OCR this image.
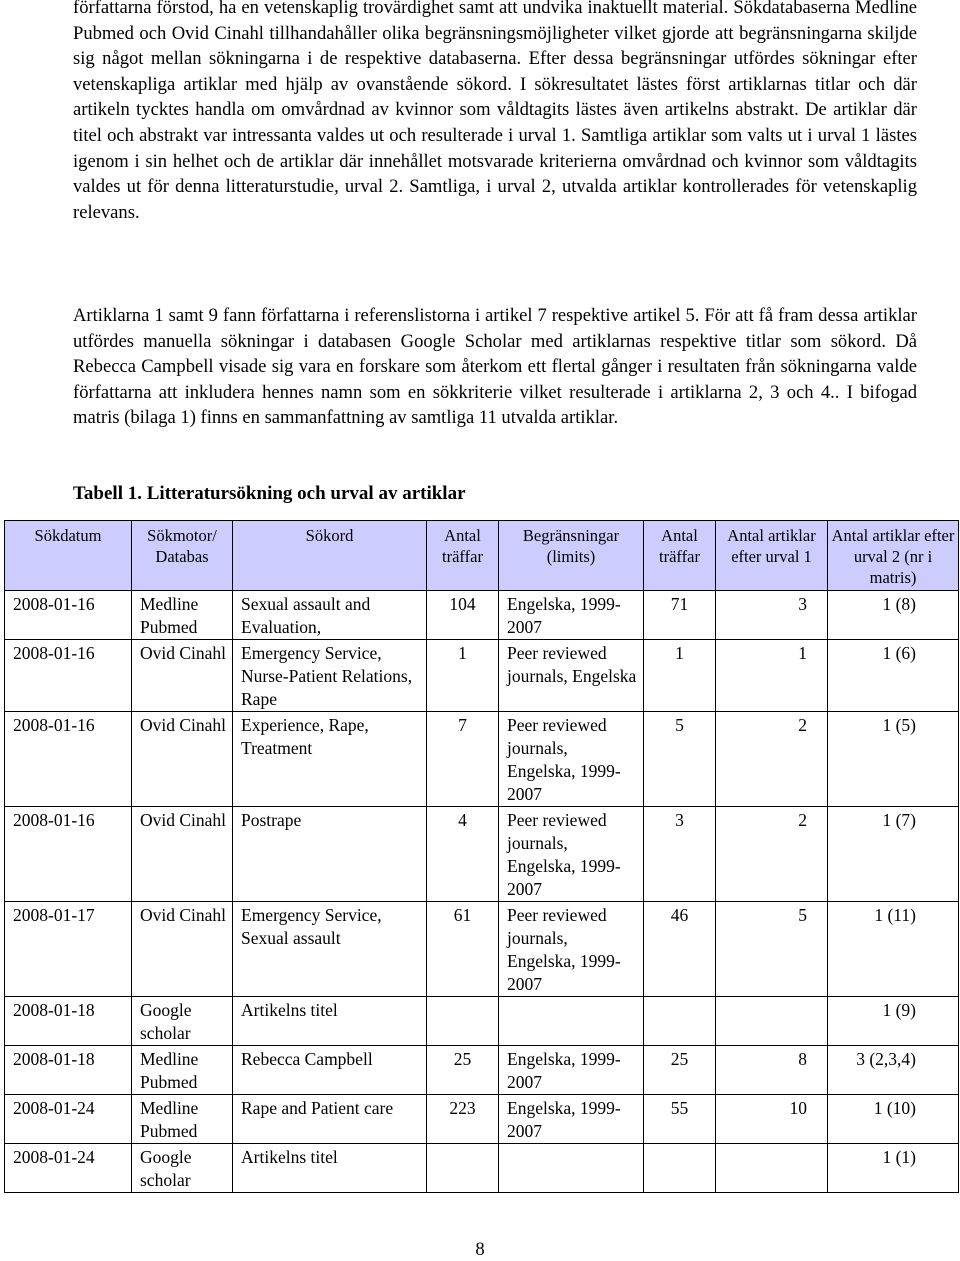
författarna förstod, ha en vetenskaplig trovärdighet samt att undvika inaktuellt material. Sökdatabaserna Medline Pubmed och Ovid Cinahl tillhandahåller olika begränsningsmöjligheter vilket gjorde att begränsningarna skiljde sig något mellan sökningarna i de respektive databaserna. Efter dessa begränsningar utfördes sökningar efter vetenskapliga artiklar med hjälp av ovanstående sökord. I sökresultatet lästes först artiklarnas titlar och där artikeln tycktes handla om omvårdnad av kvinnor som våldtagits lästes även artikelns abstrakt. De artiklar där titel och abstrakt var intressanta valdes ut och resulterade i urval 1. Samtliga artiklar som valts ut i urval 1 lästes igenom i sin helhet och de artiklar där innehållet motsvarade kriterierna omvårdnad och kvinnor som våldtagits valdes ut för denna litteraturstudie, urval 2. Samtliga, i urval 2, utvalda artiklar kontrollerades för vetenskaplig relevans.

Artiklarna 1 samt 9 fann författarna i referenslistorna i artikel 7 respektive artikel 5. För att få fram dessa artiklar utfördes manuella sökningar i databasen Google Scholar med artiklarnas respektive titlar som sökord. Då Rebecca Campbell visade sig vara en forskare som återkom ett flertal gånger i resultaten från sökningarna valde författarna att inkludera hennes namn som en sökkriterie vilket resulterade i artiklarna 2, 3 och 4.. I bifogad matris (bilaga 1) finns en sammanfattning av samtliga 11 utvalda artiklar.

Tabell 1. Litteratursökning och urval av artiklar

Sökdatum	Sökmotor/ Databas	Sökord	Antal träffar	Begränsningar (limits)	Antal träffar	Antal artiklar efter urval 1	Antal artiklar efter urval 2 (nr i matris)
2008-01-16	Medline Pubmed	Sexual assault and Evaluation,	104	Engelska, 1999-2007	71	3	1 (8)
2008-01-16	Ovid Cinahl	Emergency Service, Nurse-Patient Relations, Rape	1	Peer reviewed journals, Engelska	1	1	1 (6)
2008-01-16	Ovid Cinahl	Experience, Rape, Treatment	7	Peer reviewed journals, Engelska, 1999-2007	5	2	1 (5)
2008-01-16	Ovid Cinahl	Postrape	4	Peer reviewed journals, Engelska, 1999-2007	3	2	1 (7)
2008-01-17	Ovid Cinahl	Emergency Service, Sexual assault	61	Peer reviewed journals, Engelska, 1999-2007	46	5	1 (11)
2008-01-18	Google scholar	Artikelns titel					1 (9)
2008-01-18	Medline Pubmed	Rebecca Campbell	25	Engelska, 1999-2007	25	8	3 (2,3,4)
2008-01-24	Medline Pubmed	Rape and Patient care	223	Engelska, 1999-2007	55	10	1 (10)
2008-01-24	Google scholar	Artikelns titel					1 (1)
8
